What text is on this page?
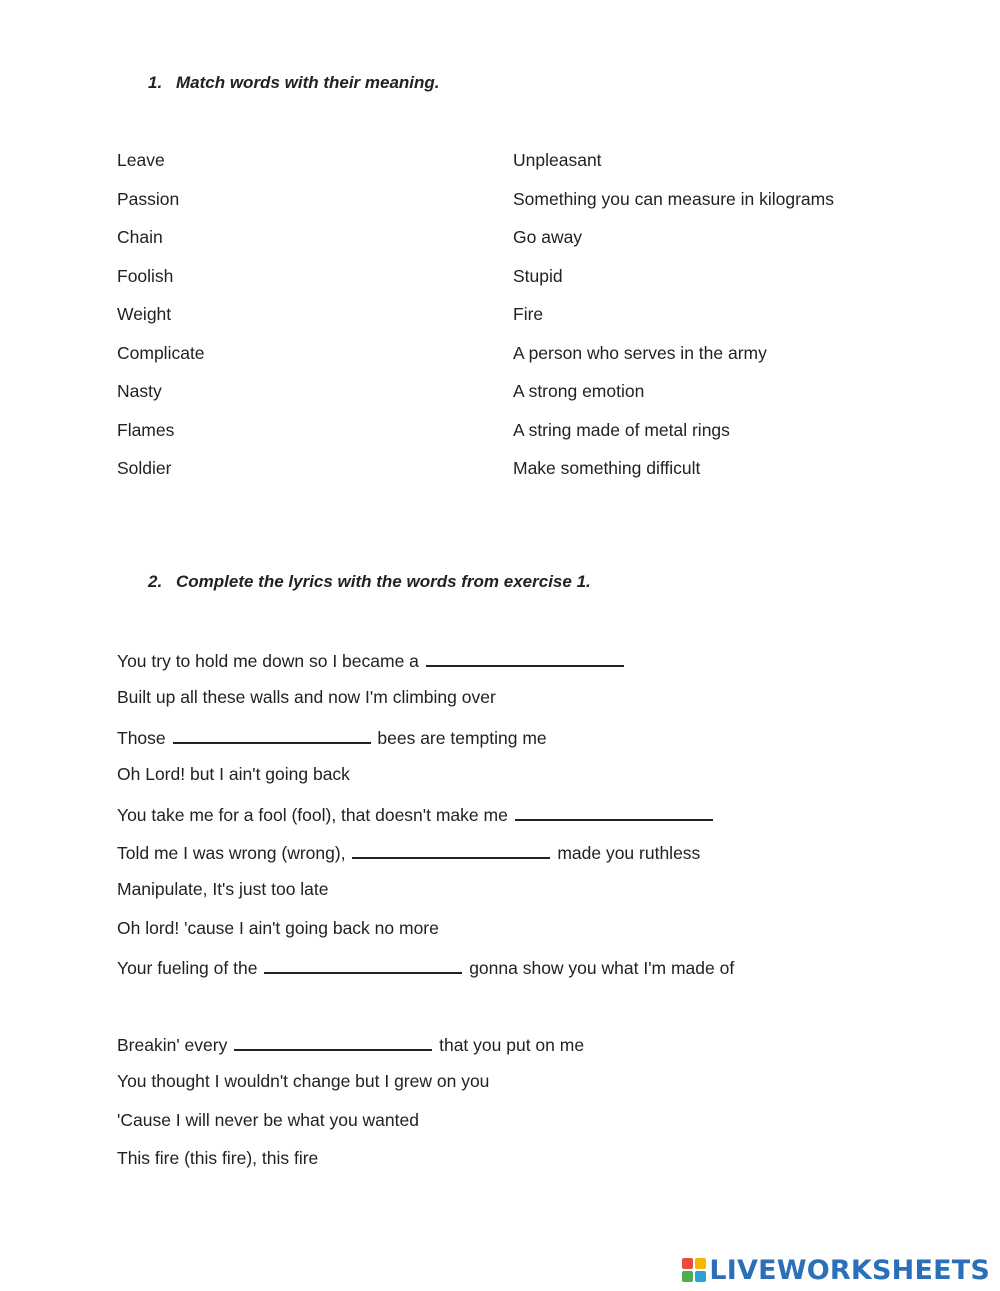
1. Match words with their meaning.
Leave	Unpleasant
Passion	Something you can measure in kilograms
Chain	Go away
Foolish	Stupid
Weight	Fire
Complicate	A person who serves in the army
Nasty	A strong emotion
Flames	A string made of metal rings
Soldier	Make something difficult
2. Complete the lyrics with the words from exercise 1.
You try to hold me down so I became a
Built up all these walls and now I'm climbing over
Those	bees are tempting me
Oh Lord! but I ain't going back
You take me for a fool (fool), that doesn't make me
Told me I was wrong (wrong),	made you ruthless
Manipulate, It's just too late
Oh lord! 'cause I ain't going back no more
Your fueling of the	gonna show you what I'm made of
Breakin' every	that you put on me
You thought I wouldn't change but I grew on you
'Cause I will never be what you wanted
This fire (this fire), this fire
LIVEWORKSHEETS
